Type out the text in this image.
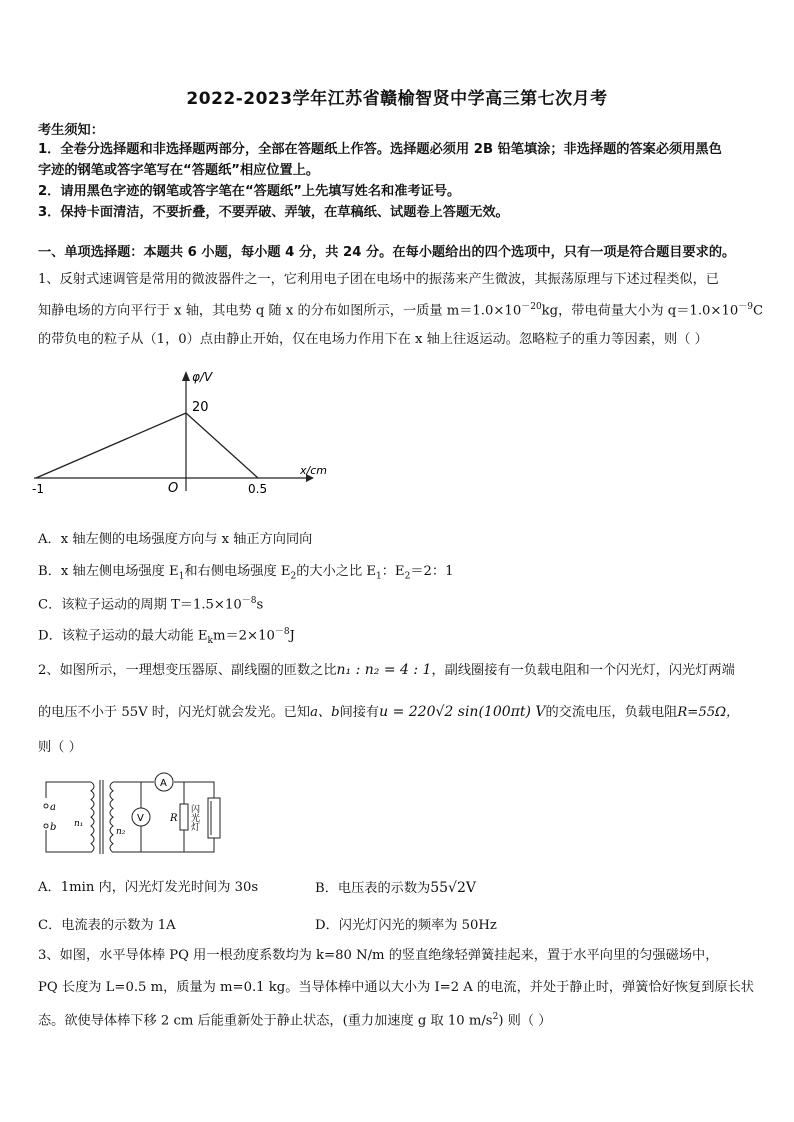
2022-2023学年江苏省赣榆智贤中学高三第七次月考
考生须知：
1．全卷分选择题和非选择题两部分，全部在答题纸上作答。选择题必须用 2B 铅笔填涂；非选择题的答案必须用黑色
字迹的钢笔或答字笔写在“答题纸”相应位置上。
2．请用黑色字迹的钢笔或答字笔在“答题纸”上先填写姓名和准考证号。
3．保持卡面清洁，不要折叠，不要弄破、弄皱，在草稿纸、试题卷上答题无效。
一、单项选择题：本题共 6 小题，每小题 4 分，共 24 分。在每小题给出的四个选项中，只有一项是符合题目要求的。
1、反射式速调管是常用的微波器件之一，它利用电子团在电场中的振荡来产生微波，其振荡原理与下述过程类似，已
知静电场的方向平行于 x 轴，其电势 q 随 x 的分布如图所示，一质量 $m=1.0\times 10^{-20}kg$，带电荷量大小为 $q=1.0\times 10^{-9}C$
的带负电的粒子从（1，0）点由静止开始，仅在电场力作用下在 x 轴上往返运动。忽略粒子的重力等因素，则（ ）
φ/V
20
O
-1	0.5
x/cm
A．x 轴左侧的电场强度方向与 x 轴正方向同向
B．x 轴左侧电场强度 $E_1$和右侧电场强度 $E_2$的大小之比 $E_1$：$E_2=2$：1
C．该粒子运动的周期 $T=1.5\times 10^{-8}s$
D．该粒子运动的最大动能 $E_km=2\times 10^{-8}J$
2、如图所示，一理想变压器原、副线圈的匝数之比n₁ : n₂ = 4 : 1，副线圈接有一负载电阻和一个闪光灯，闪光灯两端
的电压不小于 55V 时，闪光灯就会发光。已知a、b间接有u = 220√2 sin(100πt) V的交流电压，负载电阻R=55Ω，
则（ ）
a
b n₁
n₂
A
V	R 闪光灯
A．1min 内，闪光灯发光时间为 30s	B．电压表的示数为55√2V
C．电流表的示数为 1A	D．闪光灯闪光的频率为 50Hz
3、如图，水平导体棒 PQ 用一根劲度系数均为 k=80 N/m 的竖直绝缘轻弹簧挂起来，置于水平向里的匀强磁场中，
PQ 长度为 L=0.5 m，质量为 m=0.1 kg。当导体棒中通以大小为 I=2 A 的电流，并处于静止时，弹簧恰好恢复到原长状
态。欲使导体棒下移 2 cm 后能重新处于静止状态，(重力加速度 g 取 10 $m/s^2$) 则（ ）
